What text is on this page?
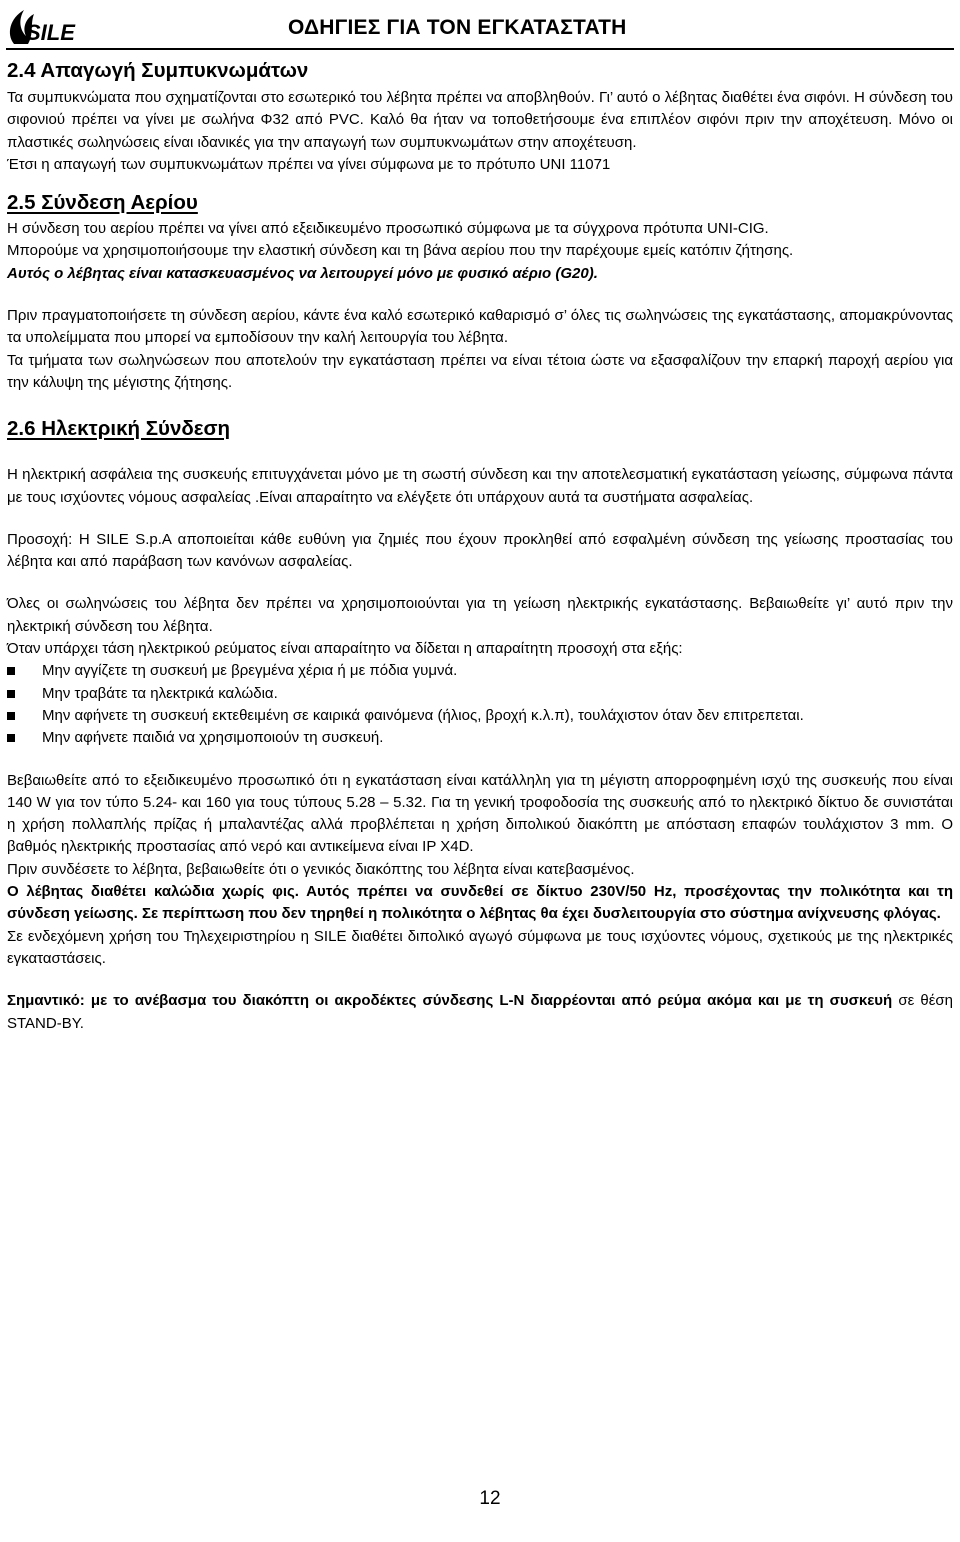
SILE	ΟΔΗΓΙΕΣ ΓΙΑ ΤΟΝ ΕΓΚΑΤΑΣΤΑΤΗ
2.4 Απαγωγή Συμπυκνωμάτων

Τα συμπυκνώματα που σχηματίζονται στο εσωτερικό του λέβητα πρέπει να αποβληθούν. Γι’ αυτό ο λέβητας διαθέτει ένα σιφόνι. Η σύνδεση του σιφονιού πρέπει να γίνει με σωλήνα Φ32 από PVC. Καλό θα ήταν να τοποθετήσουμε ένα επιπλέον σιφόνι πριν την αποχέτευση. Μόνο οι πλαστικές σωληνώσεις είναι ιδανικές για την απαγωγή των συμπυκνωμάτων στην αποχέτευση.

Έτσι η απαγωγή των συμπυκνωμάτων πρέπει να γίνει σύμφωνα με το πρότυπο UNI 11071

2.5 Σύνδεση Αερίου

Η σύνδεση του αερίου πρέπει να γίνει από εξειδικευμένο προσωπικό σύμφωνα με τα σύγχρονα πρότυπα UNI-CIG.

Μπορούμε να χρησιμοποιήσουμε την ελαστική σύνδεση και τη βάνα αερίου που την παρέχουμε εμείς κατόπιν ζήτησης.

Αυτός ο λέβητας είναι κατασκευασμένος να λειτουργεί μόνο με φυσικό αέριο (G20).

Πριν πραγματοποιήσετε τη σύνδεση αερίου, κάντε ένα καλό εσωτερικό καθαρισμό σ’ όλες τις σωληνώσεις της εγκατάστασης, απομακρύνοντας τα υπολείμματα που μπορεί να εμποδίσουν την καλή λειτουργία του λέβητα.

Τα τμήματα των σωληνώσεων που αποτελούν την εγκατάσταση πρέπει να είναι τέτοια ώστε να εξασφαλίζουν την επαρκή παροχή αερίου για την κάλυψη της μέγιστης ζήτησης.

2.6 Ηλεκτρική Σύνδεση

Η ηλεκτρική ασφάλεια της συσκευής επιτυγχάνεται μόνο με τη σωστή σύνδεση και την αποτελεσματική εγκατάσταση γείωσης, σύμφωνα πάντα με τους ισχύοντες νόμους ασφαλείας .Είναι απαραίτητο να ελέγξετε ότι υπάρχουν αυτά τα συστήματα ασφαλείας.

Προσοχή: Η SILE S.p.A αποποιείται κάθε ευθύνη για ζημιές που έχουν προκληθεί από εσφαλμένη σύνδεση της γείωσης προστασίας του λέβητα και από παράβαση των κανόνων ασφαλείας.

Όλες οι σωληνώσεις του λέβητα δεν πρέπει να χρησιμοποιούνται για τη γείωση ηλεκτρικής εγκατάστασης. Βεβαιωθείτε γι’ αυτό πριν την ηλεκτρική σύνδεση του λέβητα.

Όταν υπάρχει τάση ηλεκτρικού ρεύματος είναι απαραίτητο να δίδεται η απαραίτητη προσοχή στα εξής:

Μην αγγίζετε τη συσκευή με βρεγμένα χέρια ή με πόδια γυμνά.
Μην τραβάτε τα ηλεκτρικά καλώδια.
Μην αφήνετε τη συσκευή εκτεθειμένη σε καιρικά φαινόμενα (ήλιος, βροχή κ.λ.π), τουλάχιστον όταν δεν επιτρεπεται.
Μην αφήνετε παιδιά να χρησιμοποιούν τη συσκευή.

Βεβαιωθείτε από το εξειδικευμένο προσωπικό ότι η εγκατάσταση είναι κατάλληλη για τη μέγιστη απορροφημένη ισχύ της συσκευής που είναι 140 W για τον τύπο 5.24- και 160 για τους τύπους 5.28 – 5.32. Για τη γενική τροφοδοσία της συσκευής από το ηλεκτρικό δίκτυο δε συνιστάται η χρήση πολλαπλής πρίζας ή μπαλαντέζας αλλά προβλέπεται η χρήση διπολικού διακόπτη με απόσταση επαφών τουλάχιστον 3 mm. Ο βαθμός ηλεκτρικής προστασίας από νερό και αντικείμενα είναι IP X4D.

Πριν συνδέσετε το λέβητα, βεβαιωθείτε ότι ο γενικός διακόπτης του λέβητα είναι κατεβασμένος.

Ο λέβητας διαθέτει καλώδια χωρίς φις. Αυτός πρέπει να συνδεθεί σε δίκτυο 230V/50 Hz, προσέχοντας την πολικότητα και τη σύνδεση γείωσης. Σε περίπτωση που δεν τηρηθεί η πολικότητα ο λέβητας θα έχει δυσλειτουργία στο σύστημα ανίχνευσης φλόγας.

Σε ενδεχόμενη χρήση του Τηλεχειριστηρίου η SILE διαθέτει διπολικό αγωγό σύμφωνα με τους ισχύοντες νόμους, σχετικούς με της ηλεκτρικές εγκαταστάσεις.

Σημαντικό: με το ανέβασμα του διακόπτη οι ακροδέκτες σύνδεσης L-N διαρρέονται από ρεύμα ακόμα και με τη συσκευή σε θέση STAND-BY.

12
